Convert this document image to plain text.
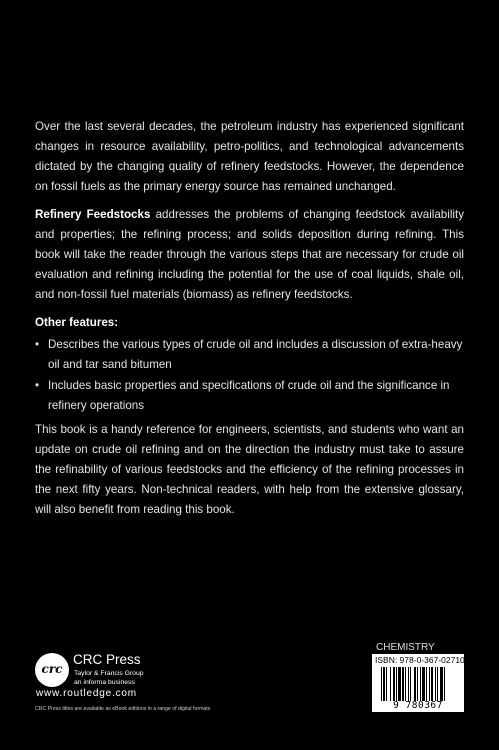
Over the last several decades, the petroleum industry has experienced significant changes in resource availability, petro-politics, and technological advancements dictated by the changing quality of refinery feedstocks. However, the dependence on fossil fuels as the primary energy source has remained unchanged.

Refinery Feedstocks addresses the problems of changing feedstock availability and properties; the refining process; and solids deposition during refining. This book will take the reader through the various steps that are necessary for crude oil evaluation and refining including the potential for the use of coal liquids, shale oil, and non-fossil fuel materials (biomass) as refinery feedstocks.

Other features:

• Describes the various types of crude oil and includes a discussion of extra-heavy oil and tar sand bitumen

• Includes basic properties and specifications of crude oil and the significance in refinery operations

This book is a handy reference for engineers, scientists, and students who want an update on crude oil refining and on the direction the industry must take to assure the refinability of various feedstocks and the efficiency of the refining processes in the next fifty years. Non-technical readers, with help from the extensive glossary, will also benefit from reading this book.

crc
CRC Press
Taylor & Francis Group
an informa business
www.routledge.com
CRC Press titles are available as eBook editions in a range of digital formats
CHEMISTRY
ISBN: 978-0-367-02710-0
9 780367 027100
